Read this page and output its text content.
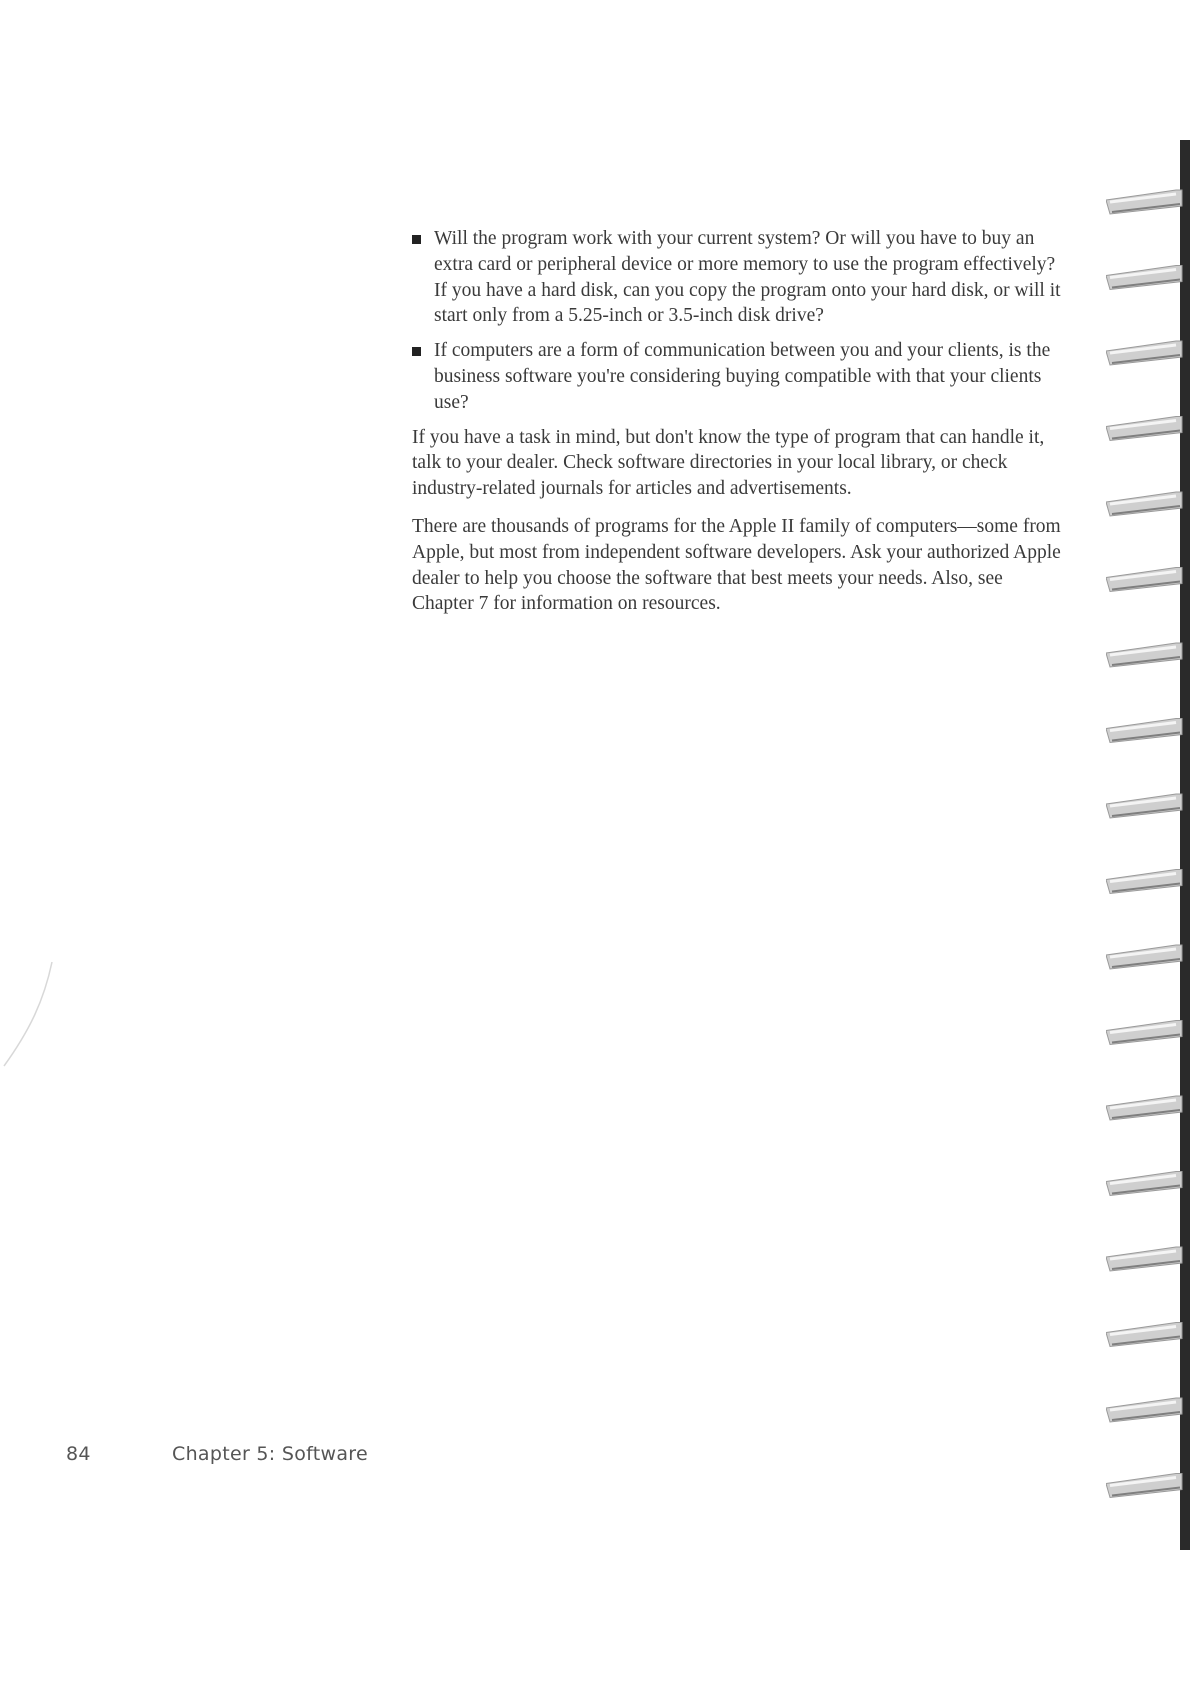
Will the program work with your current system? Or will you have to buy an extra card or peripheral device or more memory to use the program effectively? If you have a hard disk, can you copy the program onto your hard disk, or will it start only from a 5.25-inch or 3.5-inch disk drive?
If computers are a form of communication between you and your clients, is the business software you're considering buying compatible with that your clients use?

If you have a task in mind, but don't know the type of program that can handle it, talk to your dealer. Check software directories in your local library, or check industry-related journals for articles and advertisements.

There are thousands of programs for the Apple II family of computers—some from Apple, but most from independent software developers. Ask your authorized Apple dealer to help you choose the software that best meets your needs. Also, see Chapter 7 for information on resources.

84	Chapter 5: Software
